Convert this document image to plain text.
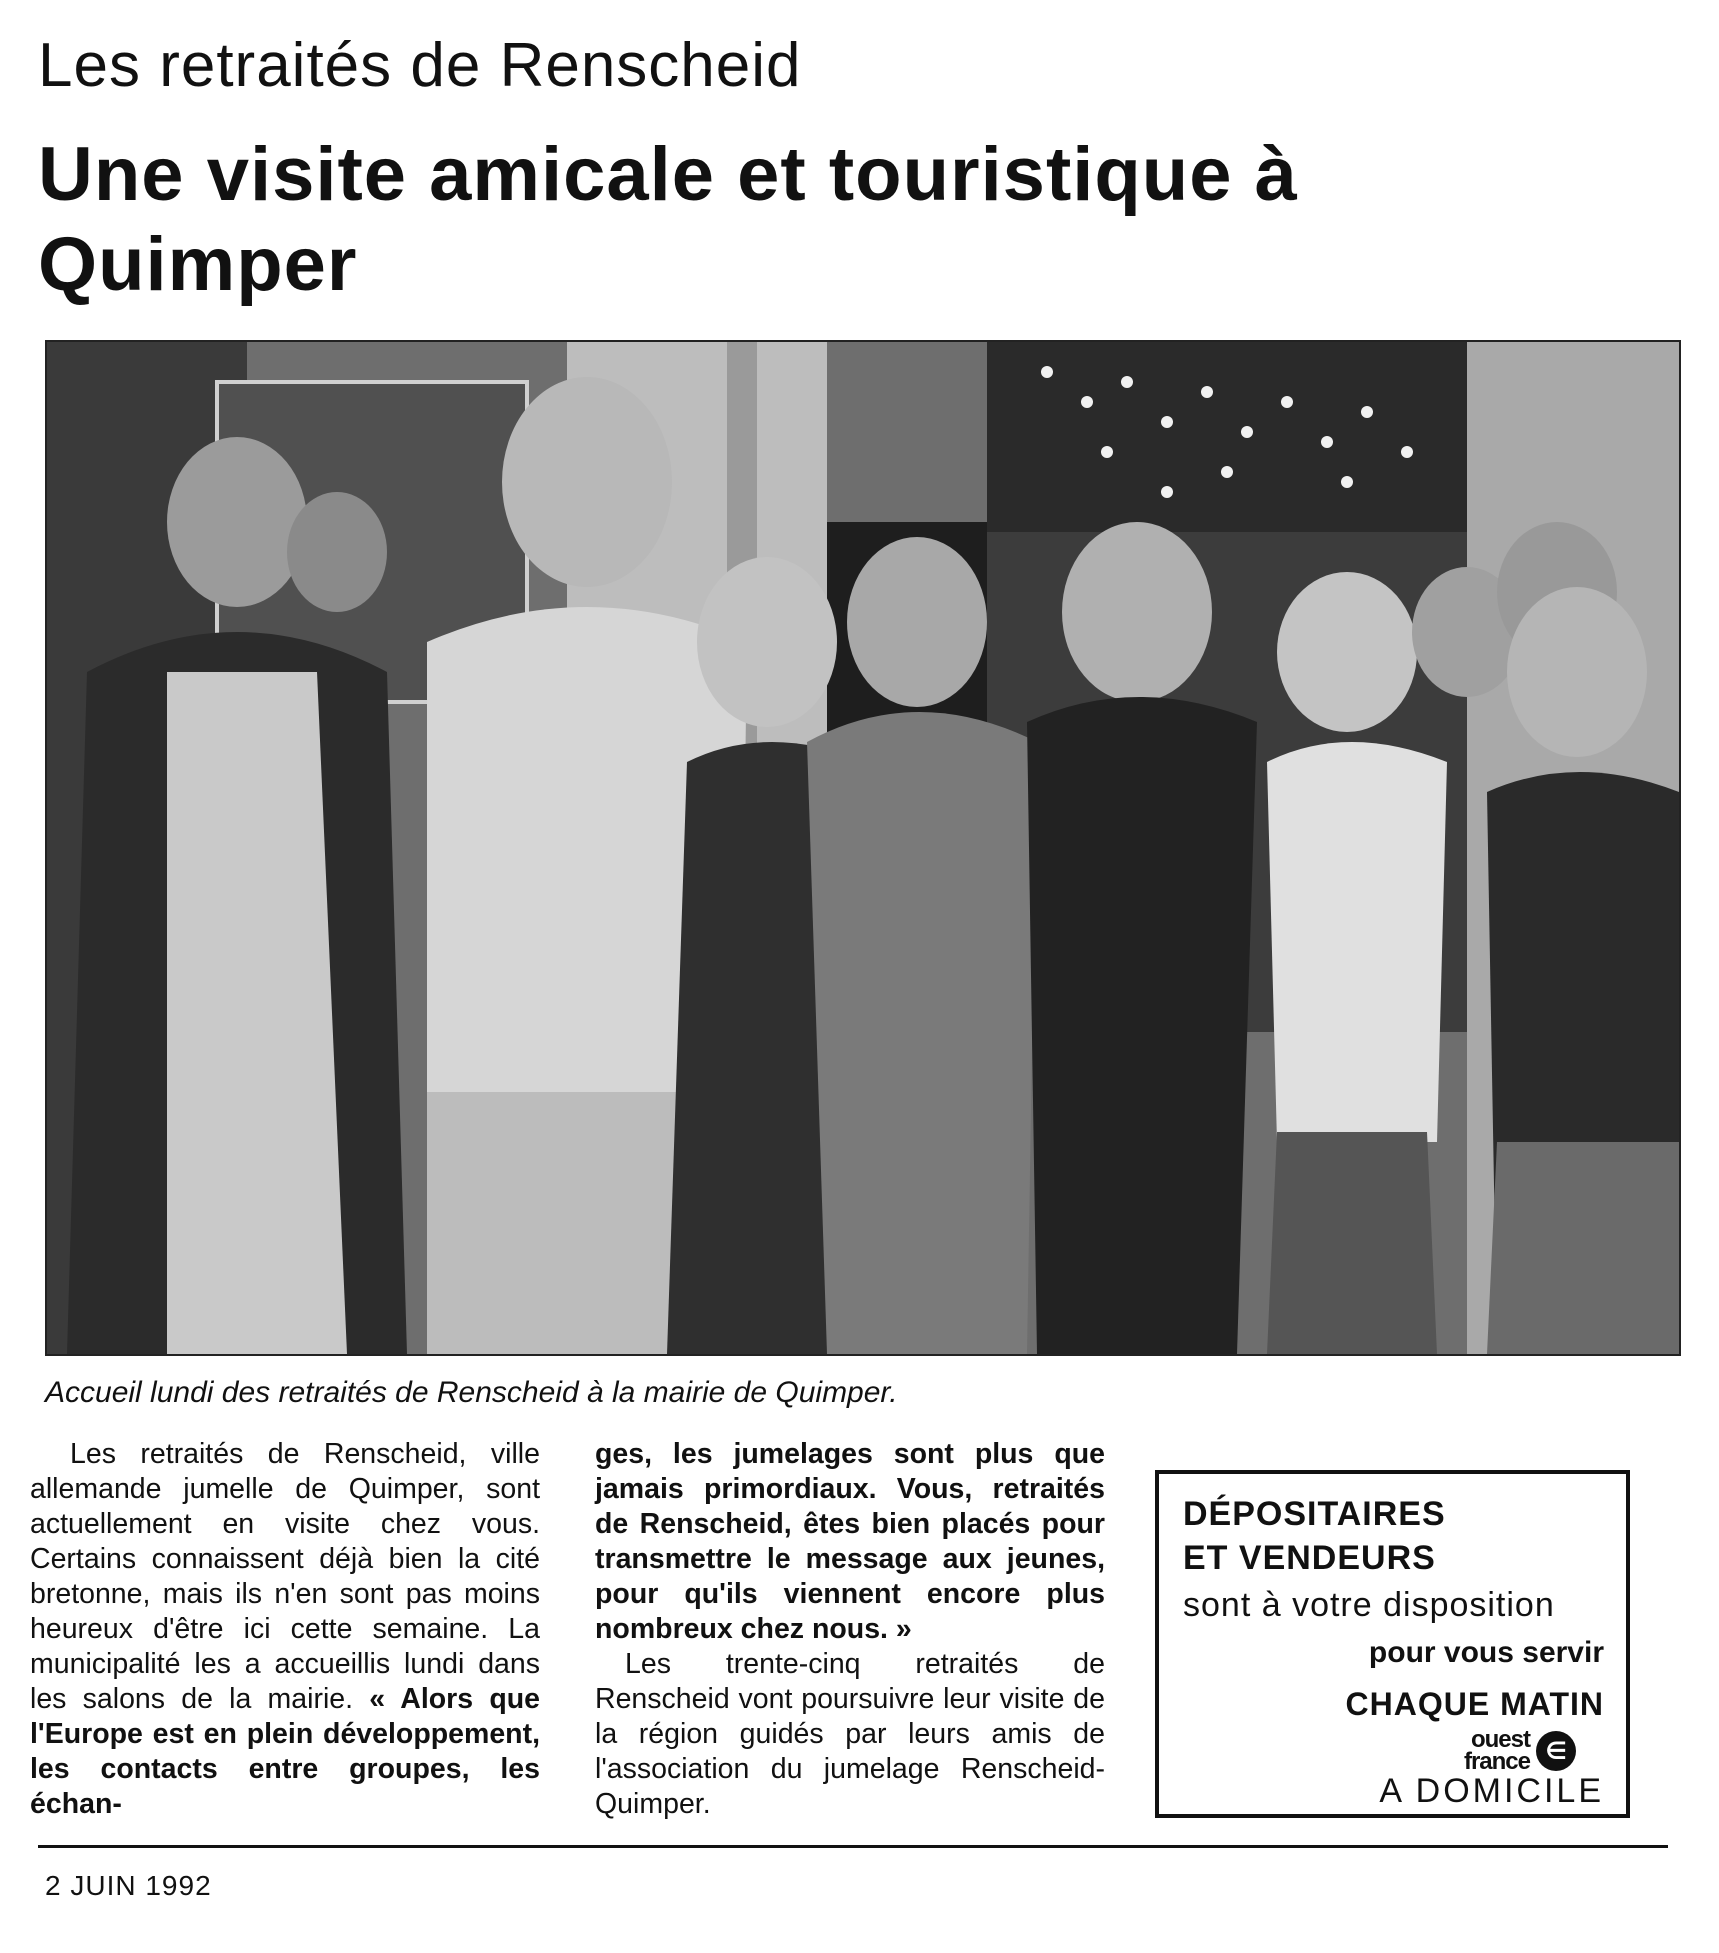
Les retraités de Renscheid
Une visite amicale et touristique à Quimper
Accueil lundi des retraités de Renscheid à la mairie de Quimper.
Les retraités de Renscheid, ville allemande jumelle de Quimper, sont actuellement en visite chez vous. Certains connaissent déjà bien la cité bretonne, mais ils n'en sont pas moins heureux d'être ici cette semaine. La municipalité les a accueillis lundi dans les salons de la mairie. « Alors que l'Europe est en plein développement, les contacts entre groupes, les échan-
ges, les jumelages sont plus que jamais primordiaux. Vous, retraités de Renscheid, êtes bien placés pour transmettre le message aux jeunes, pour qu'ils viennent encore plus nombreux chez nous. »
Les trente-cinq retraités de Renscheid vont poursuivre leur visite de la région guidés par leurs amis de l'association du jumelage Renscheid-Quimper.
DÉPOSITAIRES
ET VENDEURS
sont à votre disposition
pour vous servir
CHAQUE MATIN
ouest
france ∈
A DOMICILE
2 JUIN 1992
